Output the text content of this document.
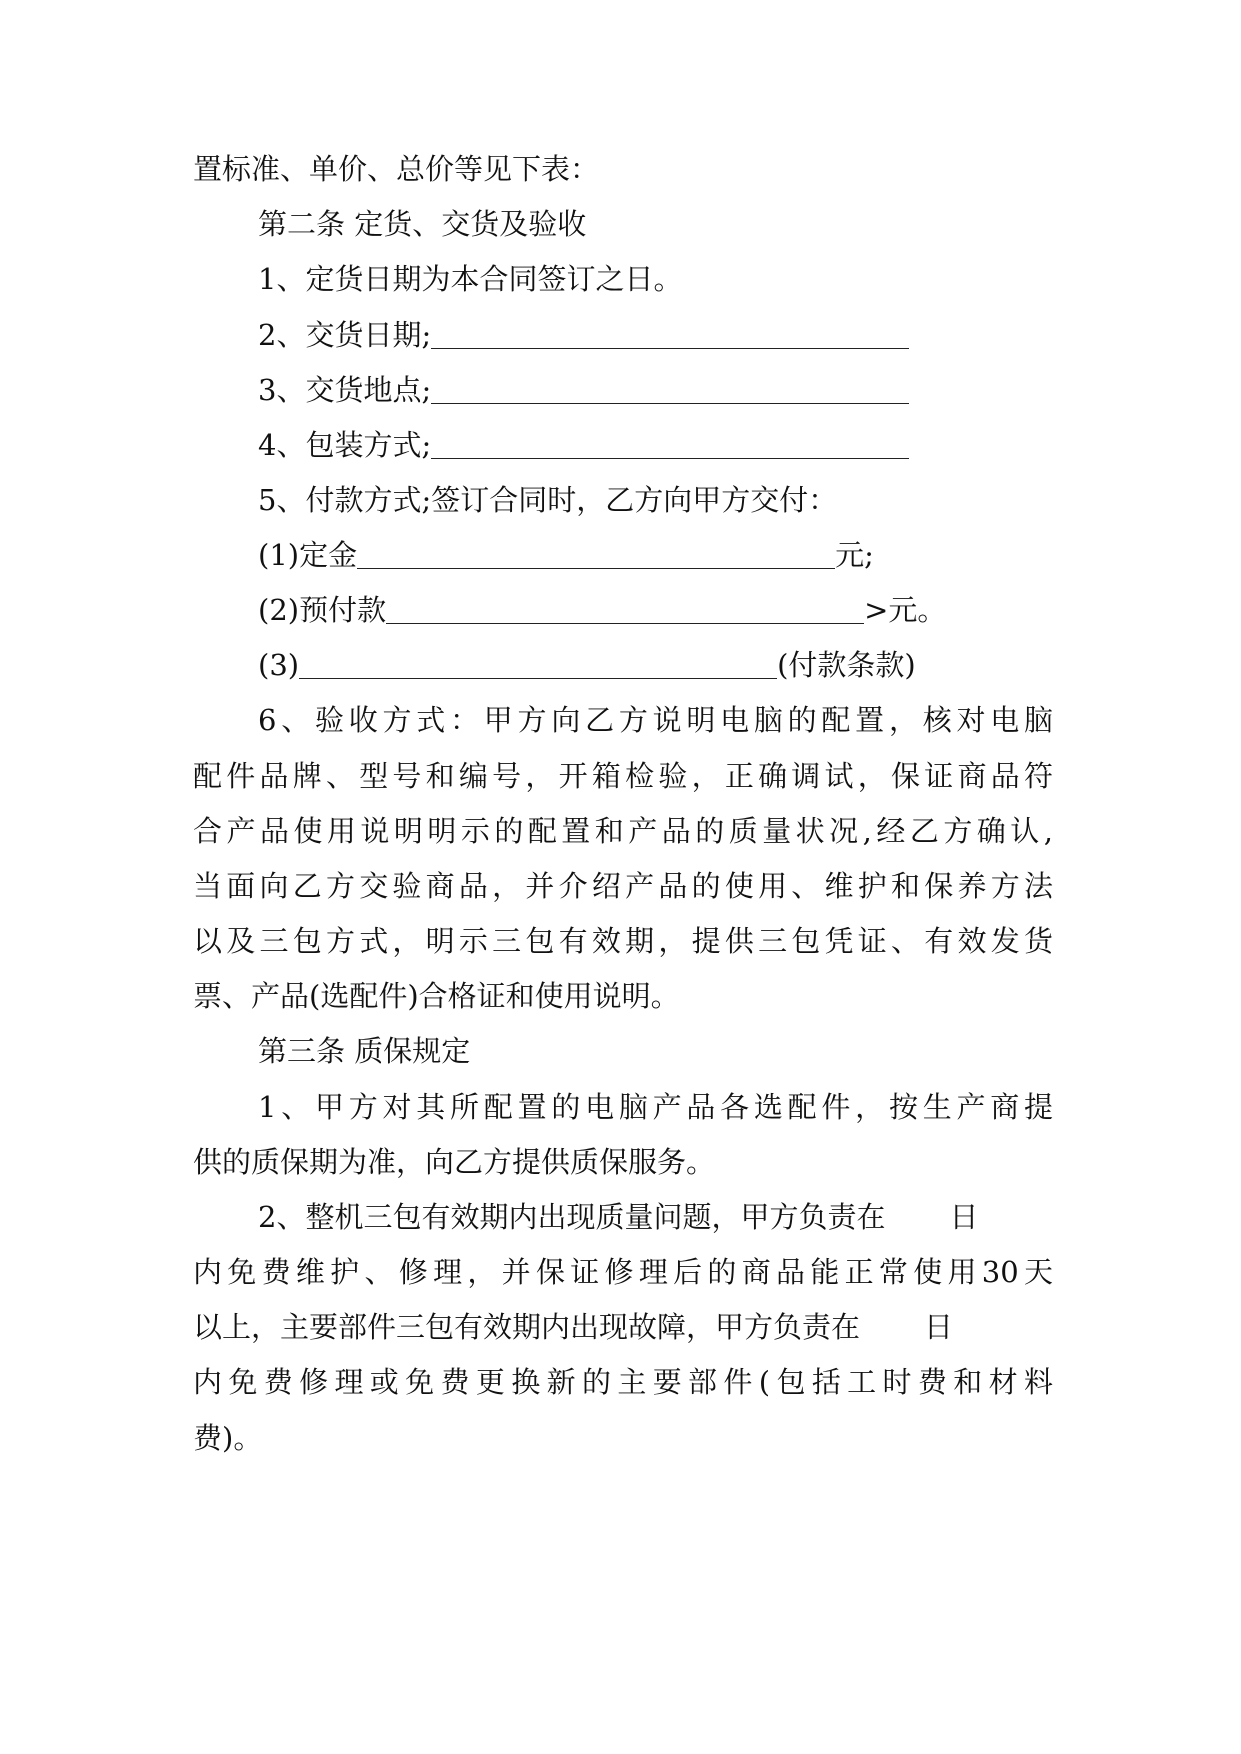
置标准、单价、总价等见下表：
第二条 定货、交货及验收
1、定货日期为本合同签订之日。
2、交货日期;
3、交货地点;
4、包装方式;
5、付款方式;签订合同时，乙方向甲方交付：
(1)定金	元;
(2)预付款	>元。
(3)	(付款条款)
6、验收方式：甲方向乙方说明电脑的配置，核对电脑
配件品牌、型号和编号，开箱检验，正确调试，保证商品符
合产品使用说明明示的配置和产品的质量状况,经乙方确认,
当面向乙方交验商品，并介绍产品的使用、维护和保养方法
以及三包方式，明示三包有效期，提供三包凭证、有效发货
票、产品(选配件)合格证和使用说明。
第三条 质保规定
1、甲方对其所配置的电脑产品各选配件，按生产商提
供的质保期为准，向乙方提供质保服务。
2、整机三包有效期内出现质量问题，甲方负责在 日
内免费维护、修理，并保证修理后的商品能正常使用30天
以上，主要部件三包有效期内出现故障，甲方负责在 日
内免费修理或免费更换新的主要部件(包括工时费和材料
费)。
